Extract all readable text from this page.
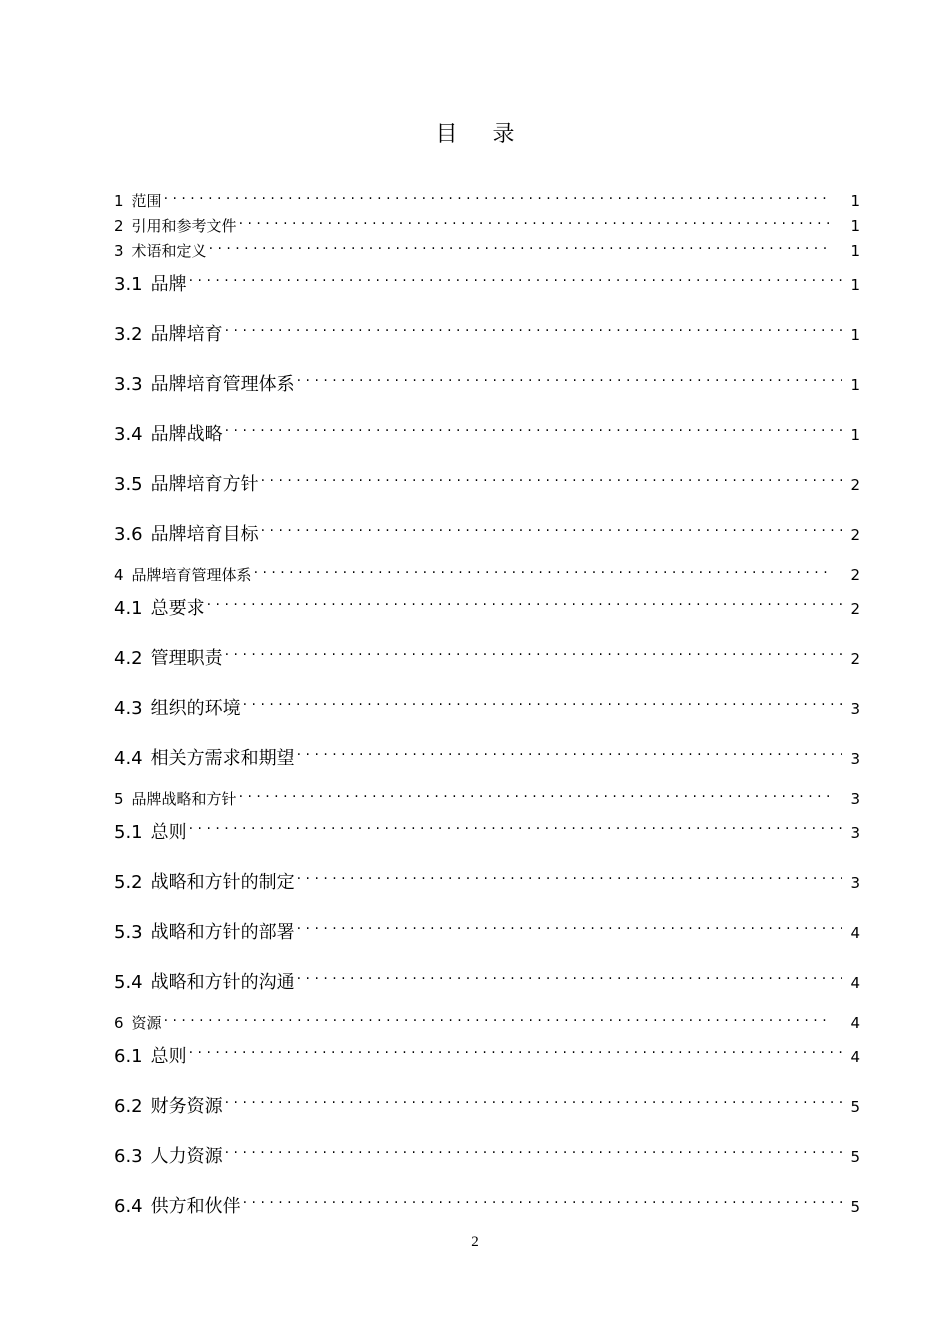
目 录
1 范围 . . .	1
2 引用和参考文件 . . .	1
3 术语和定义 . . .	1
3.1 品牌 . . .	1
3.2 品牌培育 . . .	1
3.3 品牌培育管理体系 . . .	1
3.4 品牌战略 . . .	1
3.5 品牌培育方针 . . .	2
3.6 品牌培育目标 . . .	2
4 品牌培育管理体系 . . .	2
4.1 总要求 . . .	2
4.2 管理职责 . . .	2
4.3 组织的环境 . . .	3
4.4 相关方需求和期望 . . .	3
5 品牌战略和方针 . . .	3
5.1 总则 . . .	3
5.2 战略和方针的制定 . . .	3
5.3 战略和方针的部署 . . .	4
5.4 战略和方针的沟通 . . .	4
6 资源 . . .	4
6.1 总则 . . .	4
6.2 财务资源 . . .	5
6.3 人力资源 . . .	5
6.4 供方和伙伴 . . .	5
2
